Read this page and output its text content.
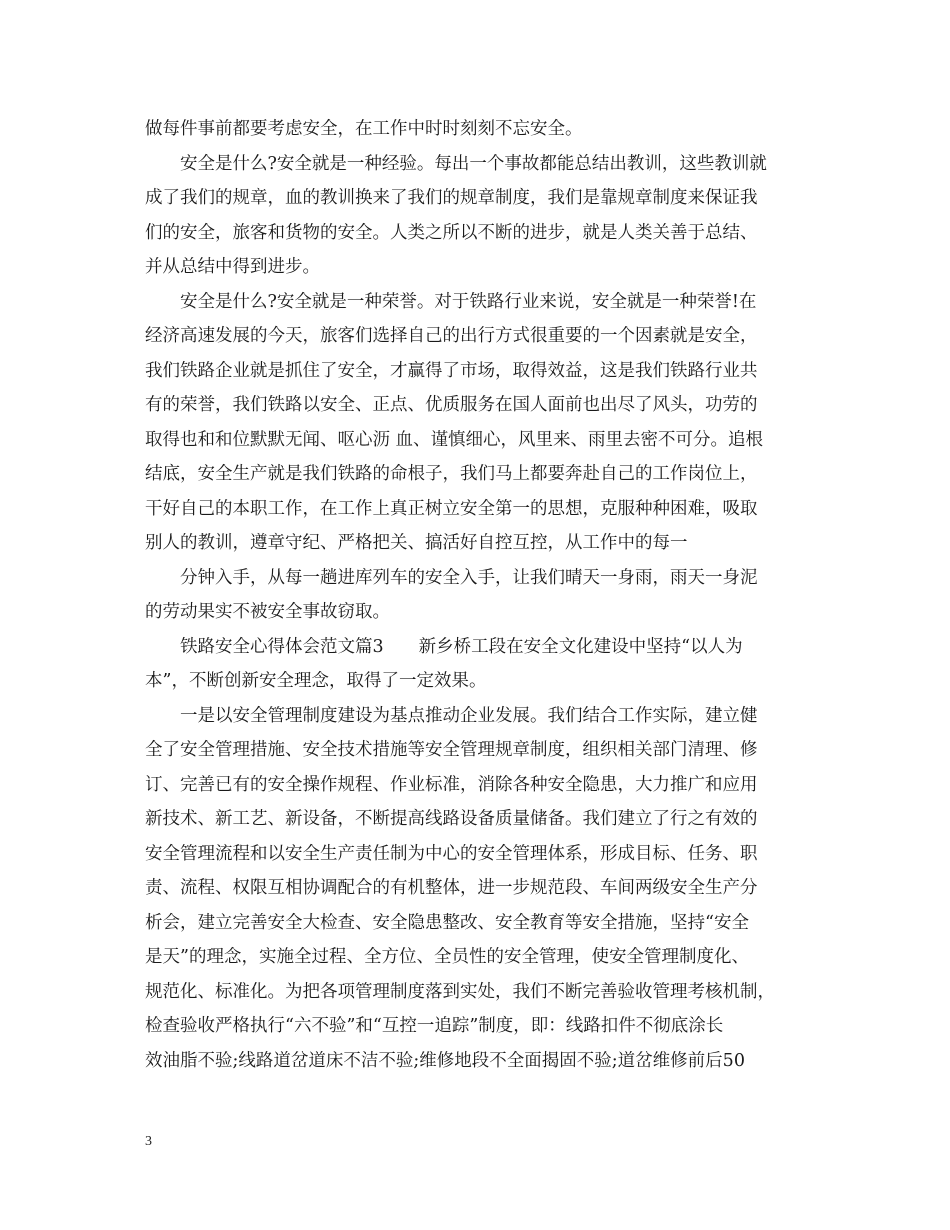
做每件事前都要考虑安全，在工作中时时刻刻不忘安全。
安全是什么?安全就是一种经验。每出一个事故都能总结出教训，这些教训就
成了我们的规章，血的教训换来了我们的规章制度，我们是靠规章制度来保证我
们的安全，旅客和货物的安全。人类之所以不断的进步，就是人类关善于总结、
并从总结中得到进步。
安全是什么?安全就是一种荣誉。对于铁路行业来说，安全就是一种荣誉!在
经济高速发展的今天，旅客们选择自己的出行方式很重要的一个因素就是安全，
我们铁路企业就是抓住了安全，才赢得了市场，取得效益，这是我们铁路行业共
有的荣誉，我们铁路以安全、正点、优质服务在国人面前也出尽了风头，功劳的
取得也和和位默默无闻、呕心沥 血、谨慎细心，风里来、雨里去密不可分。追根
结底，安全生产就是我们铁路的命根子，我们马上都要奔赴自己的工作岗位上，
干好自己的本职工作，在工作上真正树立安全第一的思想，克服种种困难，吸取
别人的教训，遵章守纪、严格把关、搞活好自控互控，从工作中的每一
分钟入手，从每一趟进库列车的安全入手，让我们晴天一身雨，雨天一身泥
的劳动果实不被安全事故窃取。
铁路安全心得体会范文篇3　　新乡桥工段在安全文化建设中坚持“以人为
本”，不断创新安全理念，取得了一定效果。
一是以安全管理制度建设为基点推动企业发展。我们结合工作实际，建立健
全了安全管理措施、安全技术措施等安全管理规章制度，组织相关部门清理、修
订、完善已有的安全操作规程、作业标准，消除各种安全隐患，大力推广和应用
新技术、新工艺、新设备，不断提高线路设备质量储备。我们建立了行之有效的
安全管理流程和以安全生产责任制为中心的安全管理体系，形成目标、任务、职
责、流程、权限互相协调配合的有机整体，进一步规范段、车间两级安全生产分
析会，建立完善安全大检查、安全隐患整改、安全教育等安全措施，坚持“安全
是天”的理念，实施全过程、全方位、全员性的安全管理，使安全管理制度化、
规范化、标准化。为把各项管理制度落到实处，我们不断完善验收管理考核机制，
检查验收严格执行“六不验”和“互控一追踪”制度，即：线路扣件不彻底涂长
效油脂不验;线路道岔道床不洁不验;维修地段不全面揭固不验;道岔维修前后50
3
